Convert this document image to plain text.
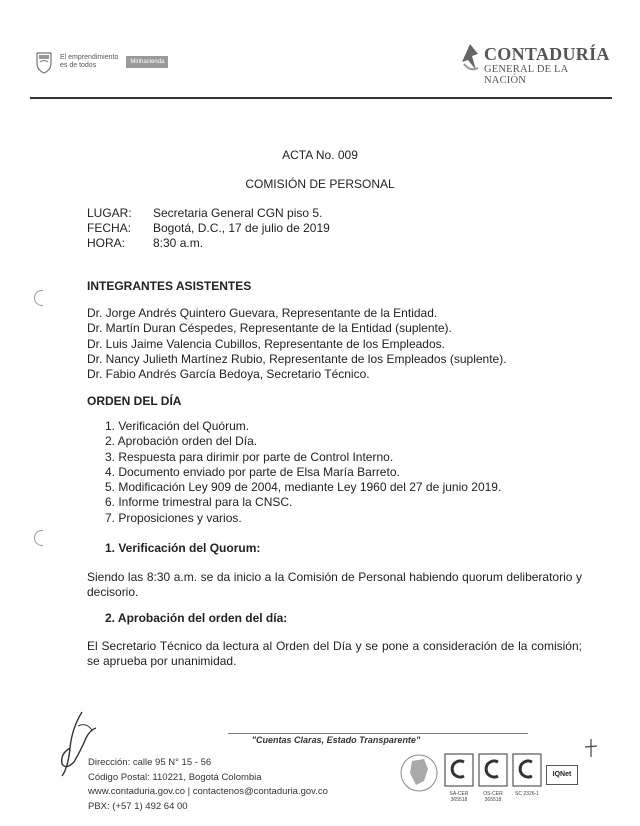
El emprendimiento
es de todos	Minhacienda	CONTADURÍA
GENERAL DE LA NACIÓN
ACTA No. 009
COMISIÓN DE PERSONAL
LUGAR: Secretaria General CGN piso 5.
FECHA: Bogotá, D.C., 17 de julio de 2019
HORA: 8:30 a.m.
INTEGRANTES ASISTENTES
Dr. Jorge Andrés Quintero Guevara, Representante de la Entidad.
Dr. Martín Duran Céspedes, Representante de la Entidad (suplente).
Dr. Luis Jaime Valencia Cubillos, Representante de los Empleados.
Dr. Nancy Julieth Martínez Rubio, Representante de los Empleados (suplente).
Dr. Fabio Andrés García Bedoya, Secretario Técnico.
ORDEN DEL DÍA
1. Verificación del Quórum.
2. Aprobación orden del Día.
3. Respuesta para dirimir por parte de Control Interno.
4. Documento enviado por parte de Elsa María Barreto.
5. Modificación Ley 909 de 2004, mediante Ley 1960 del 27 de junio 2019.
6. Informe trimestral para la CNSC.
7. Proposiciones y varios.
1. Verificación del Quorum:
Siendo las 8:30 a.m. se da inicio a la Comisión de Personal habiendo quorum deliberatorio y decisorio.
2. Aprobación del orden del día:
El Secretario Técnico da lectura al Orden del Día y se pone a consideración de la comisión; se aprueba por unanimidad.
"Cuentas Claras, Estado Transparente"
Dirección: calle 95 N° 15 - 56
Código Postal: 110221, Bogotá Colombia
www.contaduria.gov.co | contactenos@contaduria.gov.co
PBX: (+57 1) 492 64 00
IQNet
SA-CER 365518
OS-CER 365518
SC 2326-1
